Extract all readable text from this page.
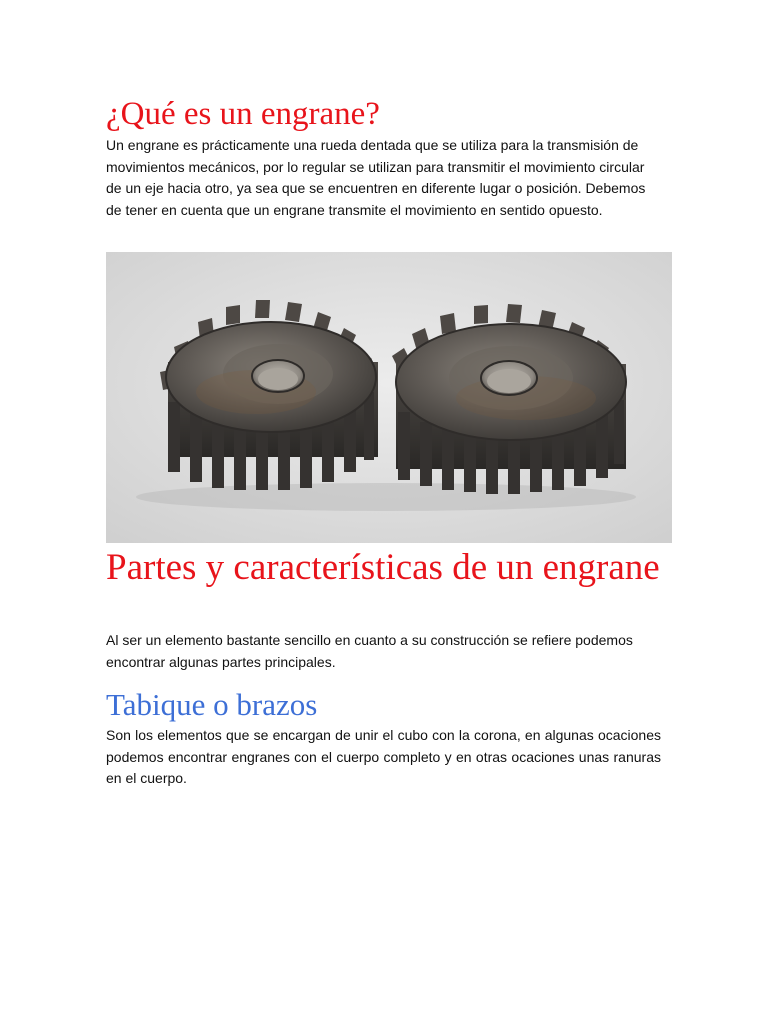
¿Qué es un engrane?

Un engrane es prácticamente una rueda dentada que se utiliza para la transmisión de movimientos mecánicos, por lo regular se utilizan para transmitir el movimiento circular de un eje hacia otro, ya sea que se encuentren en diferente lugar o posición. Debemos de tener en cuenta que un engrane transmite el movimiento en sentido opuesto.

Partes y características de un engrane

Al ser un elemento bastante sencillo en cuanto a su construcción se refiere podemos encontrar algunas partes principales.

Tabique o brazos

Son los elementos que se encargan de unir el cubo con la corona, en algunas ocaciones podemos encontrar engranes con el cuerpo completo y en otras ocaciones unas ranuras en el cuerpo.
